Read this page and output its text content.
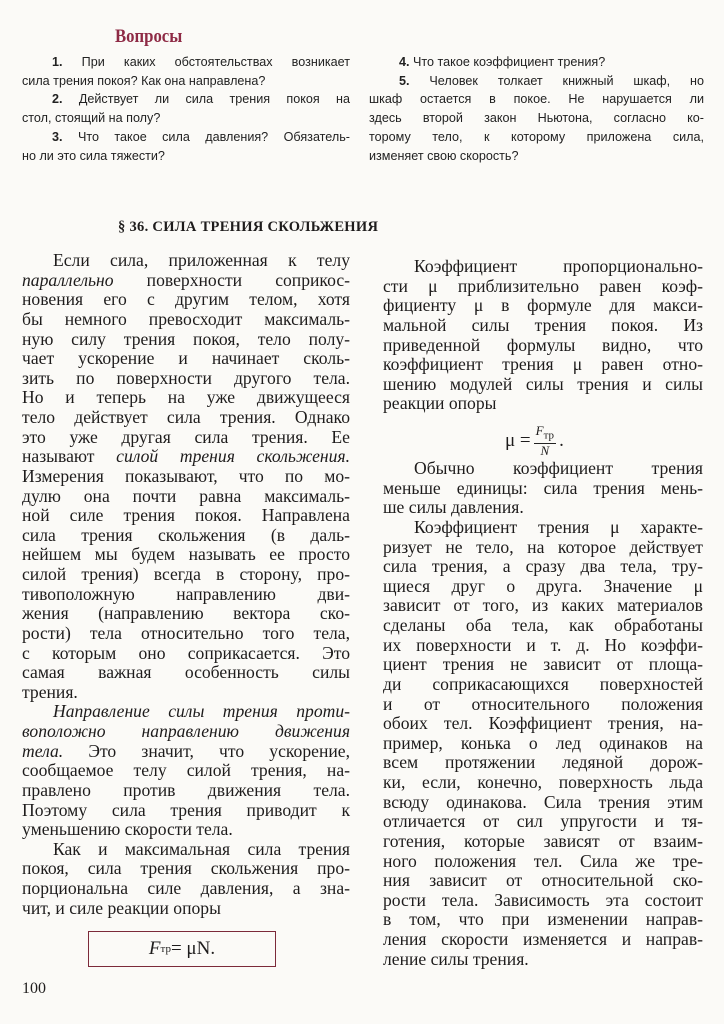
Вопросы
1. При каких обстоятельствах возникает
сила трения покоя? Как она направлена?
2. Действует ли сила трения покоя на
стол, стоящий на полу?
3. Что такое сила давления? Обязатель-
но ли это сила тяжести?
4. Что такое коэффициент трения?
5. Человек толкает книжный шкаф, но
шкаф остается в покое. Не нарушается ли
здесь второй закон Ньютона, согласно ко-
торому тело, к которому приложена сила,
изменяет свою скорость?
§ 36. СИЛА ТРЕНИЯ СКОЛЬЖЕНИЯ
Если сила, приложенная к телу
параллельно поверхности соприкос-
новения его с другим телом, хотя
бы немного превосходит максималь-
ную силу трения покоя, тело полу-
чает ускорение и начинает сколь-
зить по поверхности другого тела.
Но и теперь на уже движущееся
тело действует сила трения. Однако
это уже другая сила трения. Ее
называют силой трения скольжения.
Измерения показывают, что по мо-
дулю она почти равна максималь-
ной силе трения покоя. Направлена
сила трения скольжения (в даль-
нейшем мы будем называть ее просто
силой трения) всегда в сторону, про-
тивоположную направлению дви-
жения (направлению вектора ско-
рости) тела относительно того тела,
с которым оно соприкасается. Это
самая важная особенность силы
трения.
Направление силы трения проти-
воположно направлению движения
тела. Это значит, что ускорение,
сообщаемое телу силой трения, на-
правлено против движения тела.
Поэтому сила трения приводит к
уменьшению скорости тела.
Как и максимальная сила трения
покоя, сила трения скольжения про-
порциональна силе давления, а зна-
чит, и силе реакции опоры
Коэффициент пропорционально-
сти μ приблизительно равен коэф-
фициенту μ в формуле для макси-
мальной силы трения покоя. Из
приведенной формулы видно, что
коэффициент трения μ равен отно-
шению модулей силы трения и силы
реакции опоры
Обычно коэффициент трения
меньше единицы: сила трения мень-
ше силы давления.
Коэффициент трения μ характе-
ризует не тело, на которое действует
сила трения, а сразу два тела, тру-
щиеся друг о друга. Значение μ
зависит от того, из каких материалов
сделаны оба тела, как обработаны
их поверхности и т. д. Но коэффи-
циент трения не зависит от площа-
ди соприкасающихся поверхностей
и от относительного положения
обоих тел. Коэффициент трения, на-
пример, конька о лед одинаков на
всем протяжении ледяной дорож-
ки, если, конечно, поверхность льда
всюду одинакова. Сила трения этим
отличается от сил упругости и тя-
готения, которые зависят от взаим-
ного положения тел. Сила же тре-
ния зависит от относительной ско-
рости тела. Зависимость эта состоит
в том, что при изменении направ-
ления скорости изменяется и направ-
ление силы трения.
F тр = μN.
$\mu = \frac{F_{тр}}{N}$ .
100
